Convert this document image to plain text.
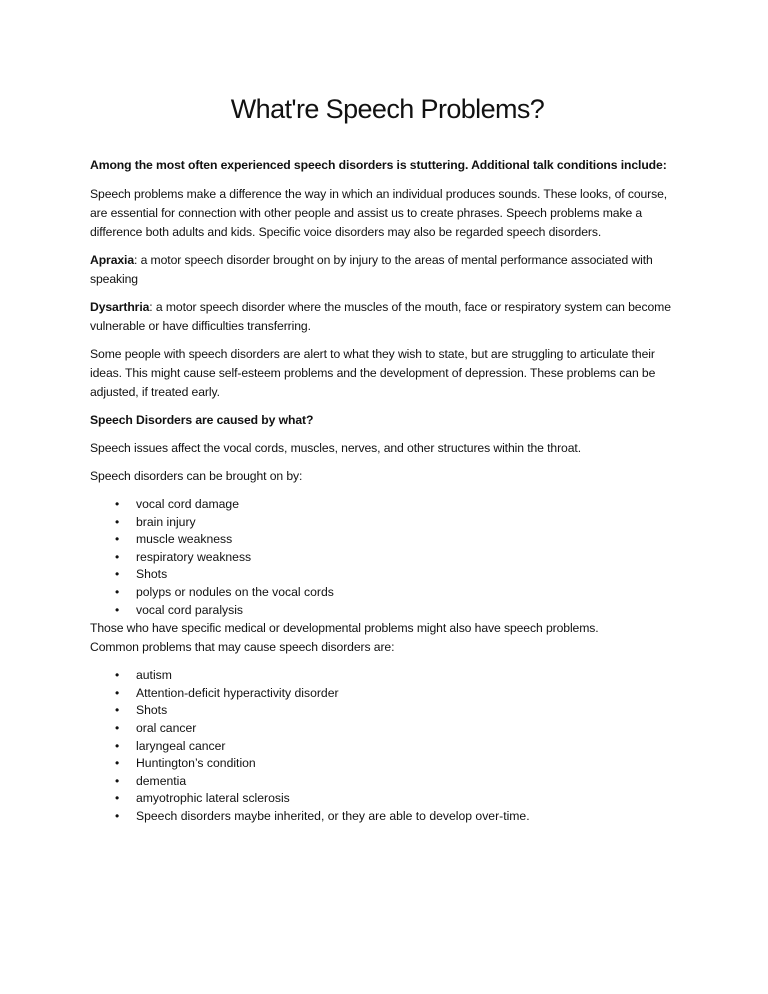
What're Speech Problems?

Among the most often experienced speech disorders is stuttering. Additional talk conditions include:

Speech problems make a difference the way in which an individual produces sounds. These looks, of course, are essential for connection with other people and assist us to create phrases. Speech problems make a difference both adults and kids. Specific voice disorders may also be regarded speech disorders.

Apraxia: a motor speech disorder brought on by injury to the areas of mental performance associated with speaking

Dysarthria: a motor speech disorder where the muscles of the mouth, face or respiratory system can become vulnerable or have difficulties transferring.

Some people with speech disorders are alert to what they wish to state, but are struggling to articulate their ideas. This might cause self-esteem problems and the development of depression. These problems can be adjusted, if treated early.

Speech Disorders are caused by what?

Speech issues affect the vocal cords, muscles, nerves, and other structures within the throat.

Speech disorders can be brought on by:

• vocal cord damage
• brain injury
• muscle weakness
• respiratory weakness
• Shots
• polyps or nodules on the vocal cords
• vocal cord paralysis

Those who have specific medical or developmental problems might also have speech problems.

Common problems that may cause speech disorders are:

• autism
• Attention-deficit hyperactivity disorder
• Shots
• oral cancer
• laryngeal cancer
• Huntington’s condition
• dementia
• amyotrophic lateral sclerosis
• Speech disorders maybe inherited, or they are able to develop over-time.
